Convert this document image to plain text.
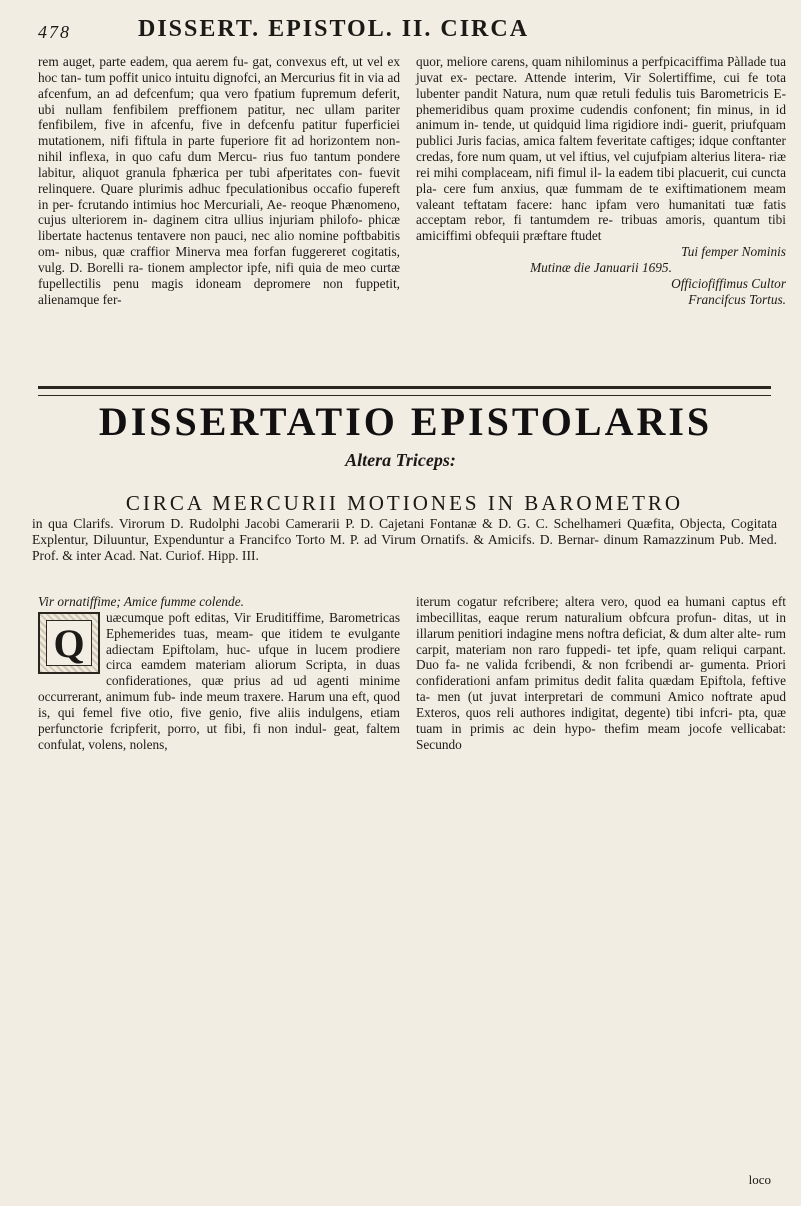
478	DISSERT. EPISTOL. II. CIRCA

rem auget, parte eadem, qua aerem fu- gat, convexus eft, ut vel ex hoc tan- tum poffit unico intuitu dignofci, an Mercurius fit in via ad afcenfum, an ad defcenfum; qua vero fpatium fupremum deferit, ubi nullam fenfibilem preffionem patitur, nec ullam pariter fenfibilem, five in afcenfu, five in defcenfu patitur fuperficiei mutationem, nifi fiftula in parte fuperiore fit ad horizontem non- nihil inflexa, in quo cafu dum Mercu- rius fuo tantum pondere labitur, aliquot granula fphærica per tubi afperitates con- fuevit relinquere. Quare plurimis adhuc fpeculationibus occafio fupereft in per- fcrutando intimius hoc Mercuriali, Ae- reoque Phænomeno, cujus ulteriorem in- daginem citra ullius injuriam philofo- phicæ libertate hactenus tentavere non pauci, nec alio nomine poftbabitis om- nibus, quæ craffior Minerva mea forfan fuggereret cogitatis, vulg. D. Borelli ra- tionem amplector ipfe, nifi quia de meo curtæ fupellectilis penu magis idoneam depromere non fuppetit, alienamque fer-

quor, meliore carens, quam nihilominus a perfpicaciffima Pàllade tua juvat ex- pectare. Attende interim, Vir Solertiffime, cui fe tota lubenter pandit Natura, num quæ retuli fedulis tuis Barometricis E- phemeridibus quam proxime cudendis confonent; fin minus, in id animum in- tende, ut quidquid lima rigidiore indi- guerit, priufquam publici Juris facias, amica faltem feveritate caftiges; idque conftanter credas, fore num quam, ut vel iftius, vel cujufpiam alterius litera- riæ rei mihi complaceam, nifi fimul il- la eadem tibi placuerit, cui cuncta pla- cere fum anxius, quæ fummam de te exiftimationem meam valeant teftatam facere: hanc ipfam vero humanitati tuæ fatis acceptam rebor, fi tantumdem re- tribuas amoris, quantum tibi amiciffimi obfequii præftare ftudet

Tui femper Nominis

Mutinæ die Januarii 1695.

Officiofiffimus Cultor

Francifcus Tortus.

DISSERTATIO EPISTOLARIS
Altera Triceps:
CIRCA MERCURII MOTIONES IN BAROMETRO
in qua Clarifs. Virorum D. Rudolphi Jacobi Camerarii P. D. Cajetani Fontanæ & D. G. C. Schelhameri Quæfita, Objecta, Cogitata Explentur, Diluuntur, Expenduntur a Francifco Torto M. P. ad Virum Ornatifs. & Amicifs. D. Bernar- dinum Ramazzinum Pub. Med. Prof. & inter Acad. Nat. Curiof. Hipp. III.

Vir ornatiffime; Amice fumme colende.

Q
uæcumque poft editas, Vir Eruditiffime, Barometricas Ephemerides tuas, meam- que itidem te evulgante adiectam Epiftolam, huc- ufque in lucem prodiere circa eamdem materiam aliorum Scripta, in duas confiderationes, quæ prius ad ud agenti minime occurrerant, animum fub- inde meum traxere. Harum una eft, quod is, qui femel five otio, five genio, five aliis indulgens, etiam perfunctorie fcripferit, porro, ut fibi, fi non indul- geat, faltem confulat, volens, nolens,

iterum cogatur refcribere; altera vero, quod ea humani captus eft imbecillitas, eaque rerum naturalium obfcura profun- ditas, ut in illarum penitiori indagine mens noftra deficiat, & dum alter alte- rum carpit, materiam non raro fuppedi- tet ipfe, quam reliqui carpant. Duo fa- ne valida fcribendi, & non fcribendi ar- gumenta. Priori confiderationi anfam primitus dedit falita quædam Epiftola, feftive ta- men (ut juvat interpretari de communi Amico noftrate apud Exteros, quos reli authores indigitat, degente) tibi infcri- pta, quæ tuam in primis ac dein hypo- thefim meam jocofe vellicabat: Secundo

loco
